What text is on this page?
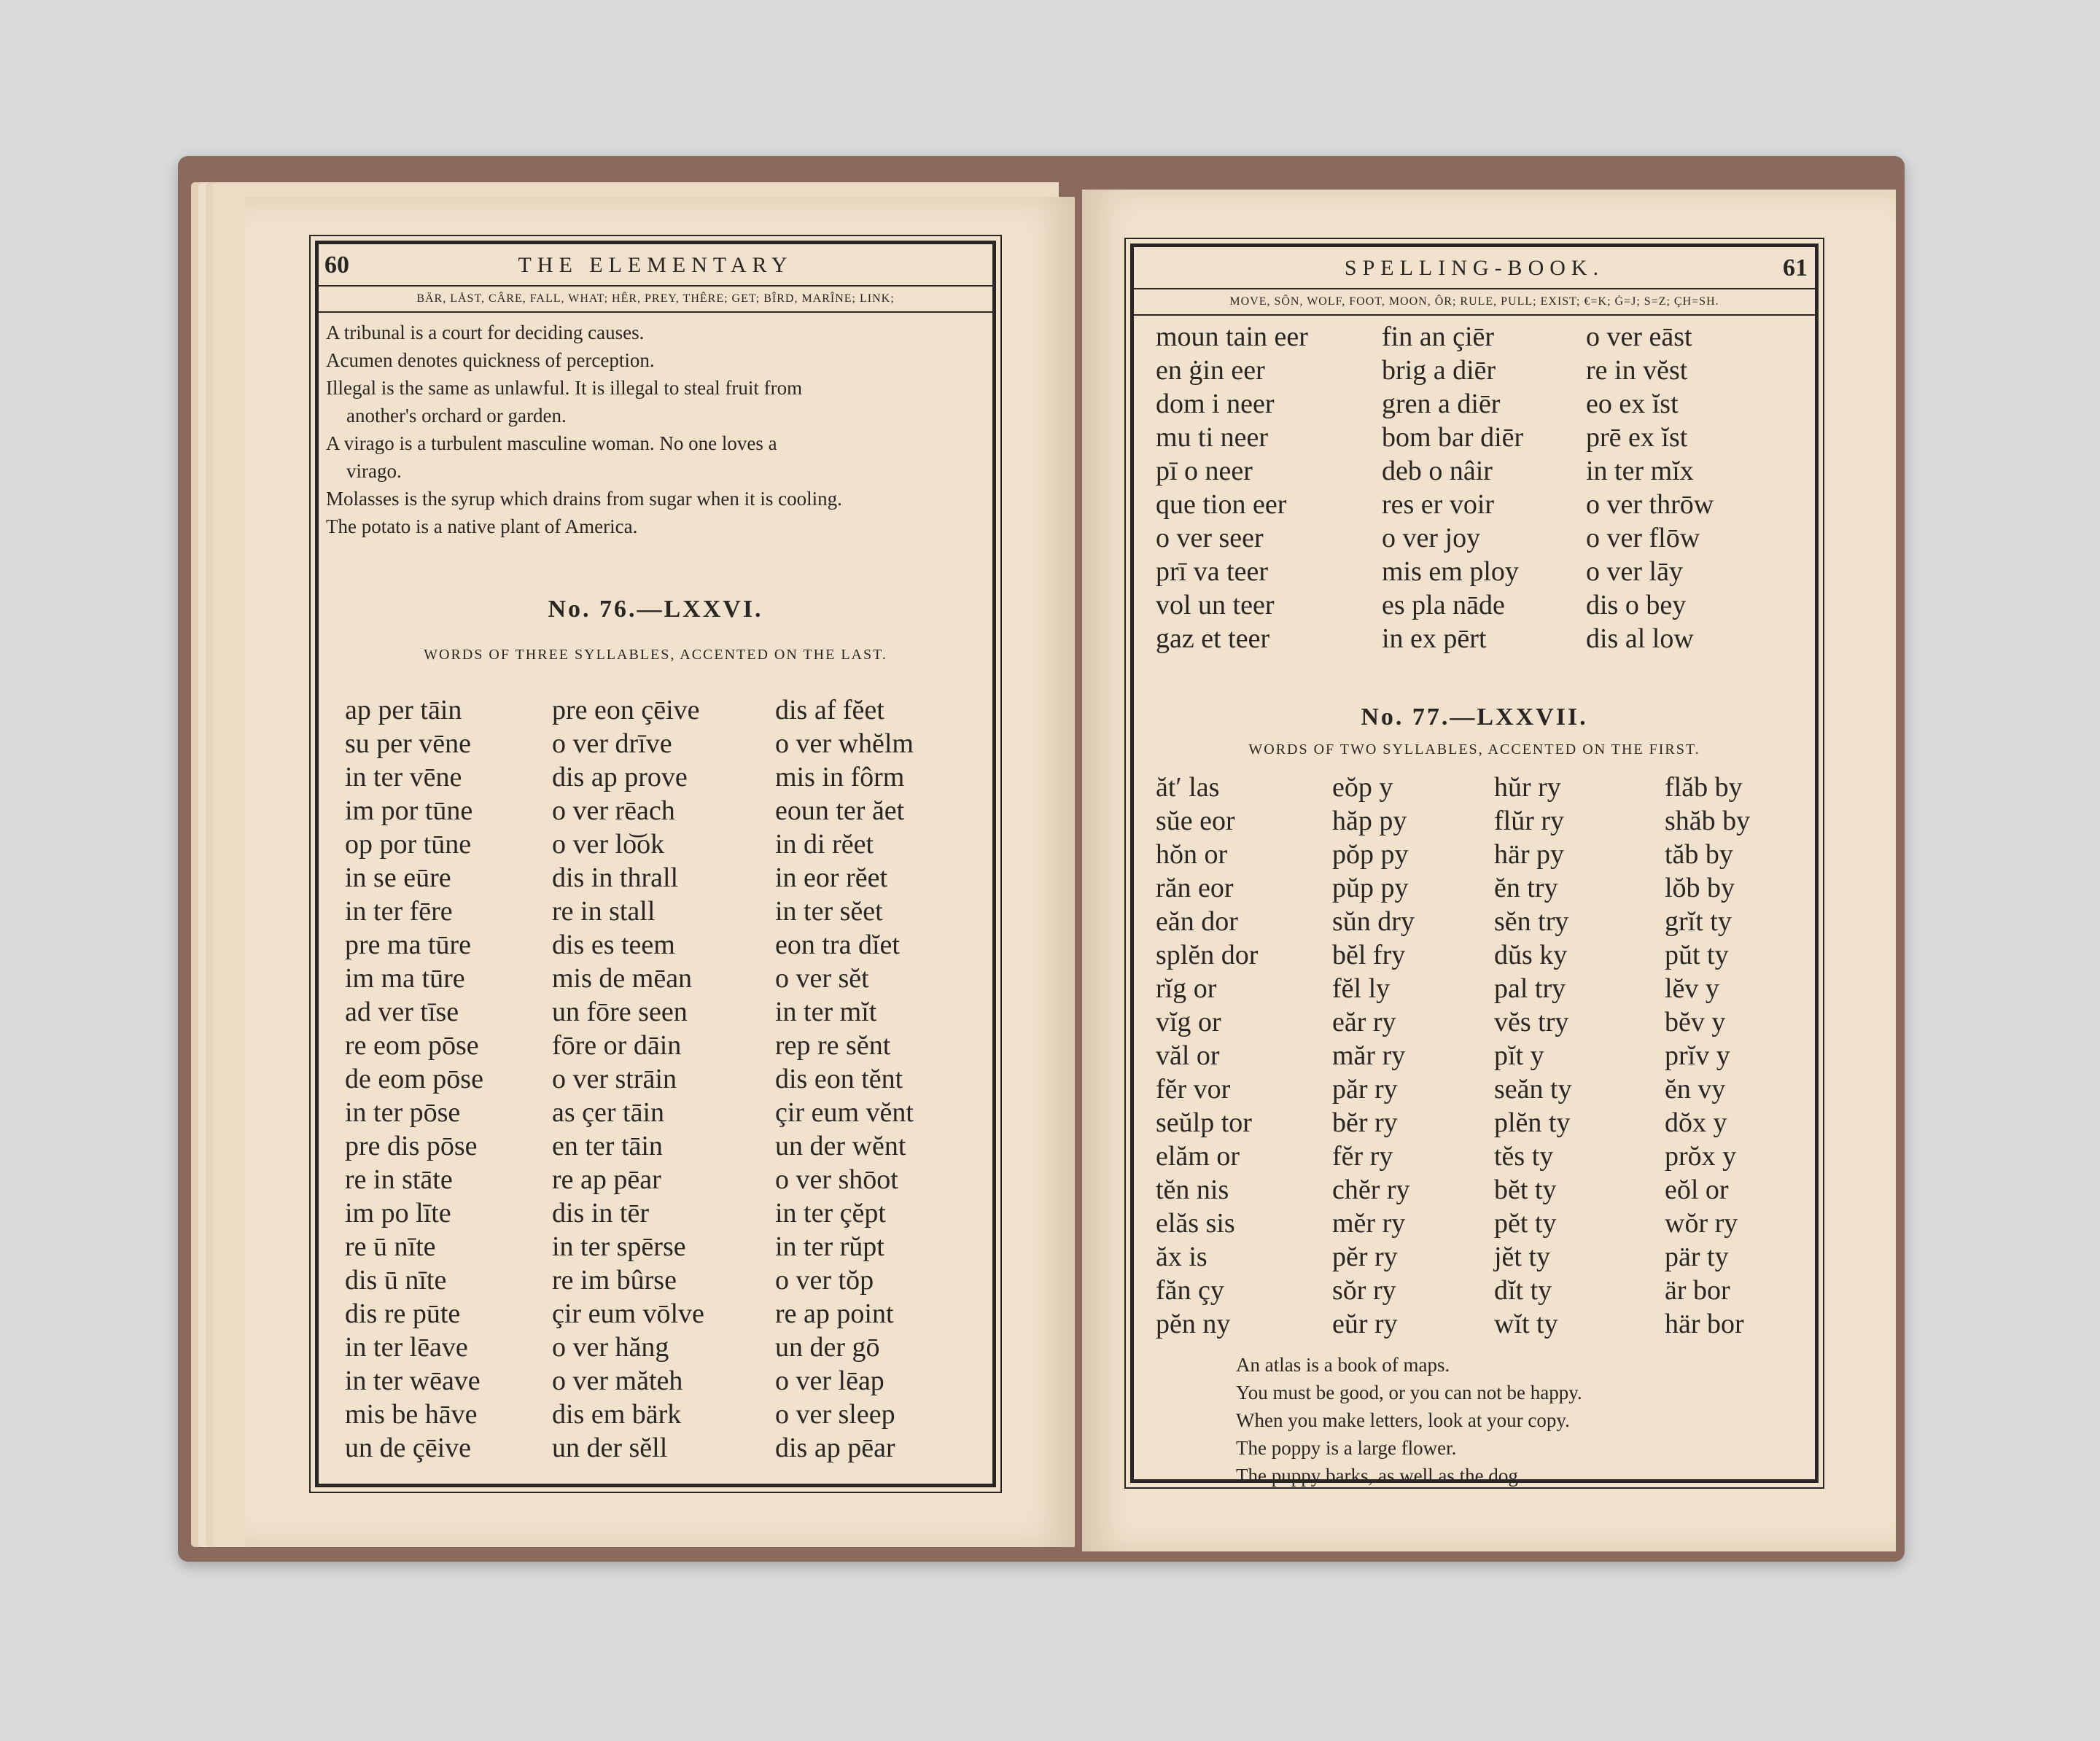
60	THE ELEMENTARY
BÄR, LÅST, CÂRE, FALL, WHAT; HÊR, PREY, THÊRE; GET; BÎRD, MARÎNE; LINK;

A tribunal is a court for deciding causes.

Acumen denotes quickness of perception.

Illegal is the same as unlawful. It is illegal to steal fruit from

another's orchard or garden.

A virago is a turbulent masculine woman. No one loves a

virago.

Molasses is the syrup which drains from sugar when it is cooling.

The potato is a native plant of America.

No. 76.—LXXVI.
WORDS OF THREE SYLLABLES, ACCENTED ON THE LAST.
ap per tāin
su per vēne
in ter vēne
im por tūne
op por tūne
in se eūre
in ter fēre
pre ma tūre
im ma tūre
ad ver tīse
re eom pōse
de eom pōse
in ter pōse
pre dis pōse
re in stāte
im po līte
re ū nīte
dis ū nīte
dis re pūte
in ter lēave
in ter wēave
mis be hāve
un de çēive
pre eon çēive
o ver drīve
dis ap prove
o ver rēach
o ver lo͝ok
dis in thrall
re in stall
dis es teem
mis de mēan
un fōre seen
fōre or dāin
o ver strāin
as çer tāin
en ter tāin
re ap pēar
dis in tēr
in ter spērse
re im bûrse
çir eum vōlve
o ver hăng
o ver măteh
dis em bärk
un der sĕll
dis af fĕet
o ver whĕlm
mis in fôrm
eoun ter ăet
in di rĕet
in eor rĕet
in ter sĕet
eon tra dĭet
o ver sĕt
in ter mĭt
rep re sĕnt
dis eon tĕnt
çir eum vĕnt
un der wĕnt
o ver shōot
in ter çĕpt
in ter rŭpt
o ver tŏp
re ap point
un der gō
o ver lēap
o ver sleep
dis ap pēar
SPELLING-BOOK.	61
MOVE, SÔN, WOLF, FOOT, MOON, ÔR; RULE, PULL; EXIST; €=K; Ġ=J; S=Z; ÇH=SH.
moun tain eer
en ġin eer
dom i neer
mu ti neer
pī o neer
que tion eer
o ver seer
prī va teer
vol un teer
gaz et teer
fin an çiēr
brig a diēr
gren a diēr
bom bar diēr
deb o nâir
res er voir
o ver joy
mis em ploy
es pla nāde
in ex pērt
o ver eāst
re in vĕst
eo ex ĭst
prē ex ĭst
in ter mĭx
o ver thrōw
o ver flōw
o ver lāy
dis o bey
dis al low
No. 77.—LXXVII.
WORDS OF TWO SYLLABLES, ACCENTED ON THE FIRST.
ăt′ las
sŭe eor
hŏn or
răn eor
eăn dor
splĕn dor
rĭg or
vĭg or
văl or
fĕr vor
seŭlp tor
elăm or
tĕn nis
elăs sis
ăx is
făn çy
pĕn ny
eŏp y
hăp py
pŏp py
pŭp py
sŭn dry
bĕl fry
fĕl ly
eăr ry
măr ry
păr ry
bĕr ry
fĕr ry
chĕr ry
mĕr ry
pĕr ry
sŏr ry
eŭr ry
hŭr ry
flŭr ry
här py
ĕn try
sĕn try
dŭs ky
pal try
vĕs try
pĭt y
seăn ty
plĕn ty
tĕs ty
bĕt ty
pĕt ty
jĕt ty
dĭt ty
wĭt ty
flăb by
shăb by
tăb by
lŏb by
grĭt ty
pŭt ty
lĕv y
bĕv y
prĭv y
ĕn vy
dŏx y
prŏx y
eŏl or
wŏr ry
pär ty
är bor
här bor

An atlas is a book of maps.

You must be good, or you can not be happy.

When you make letters, look at your copy.

The poppy is a large flower.

The puppy barks, as well as the dog.
